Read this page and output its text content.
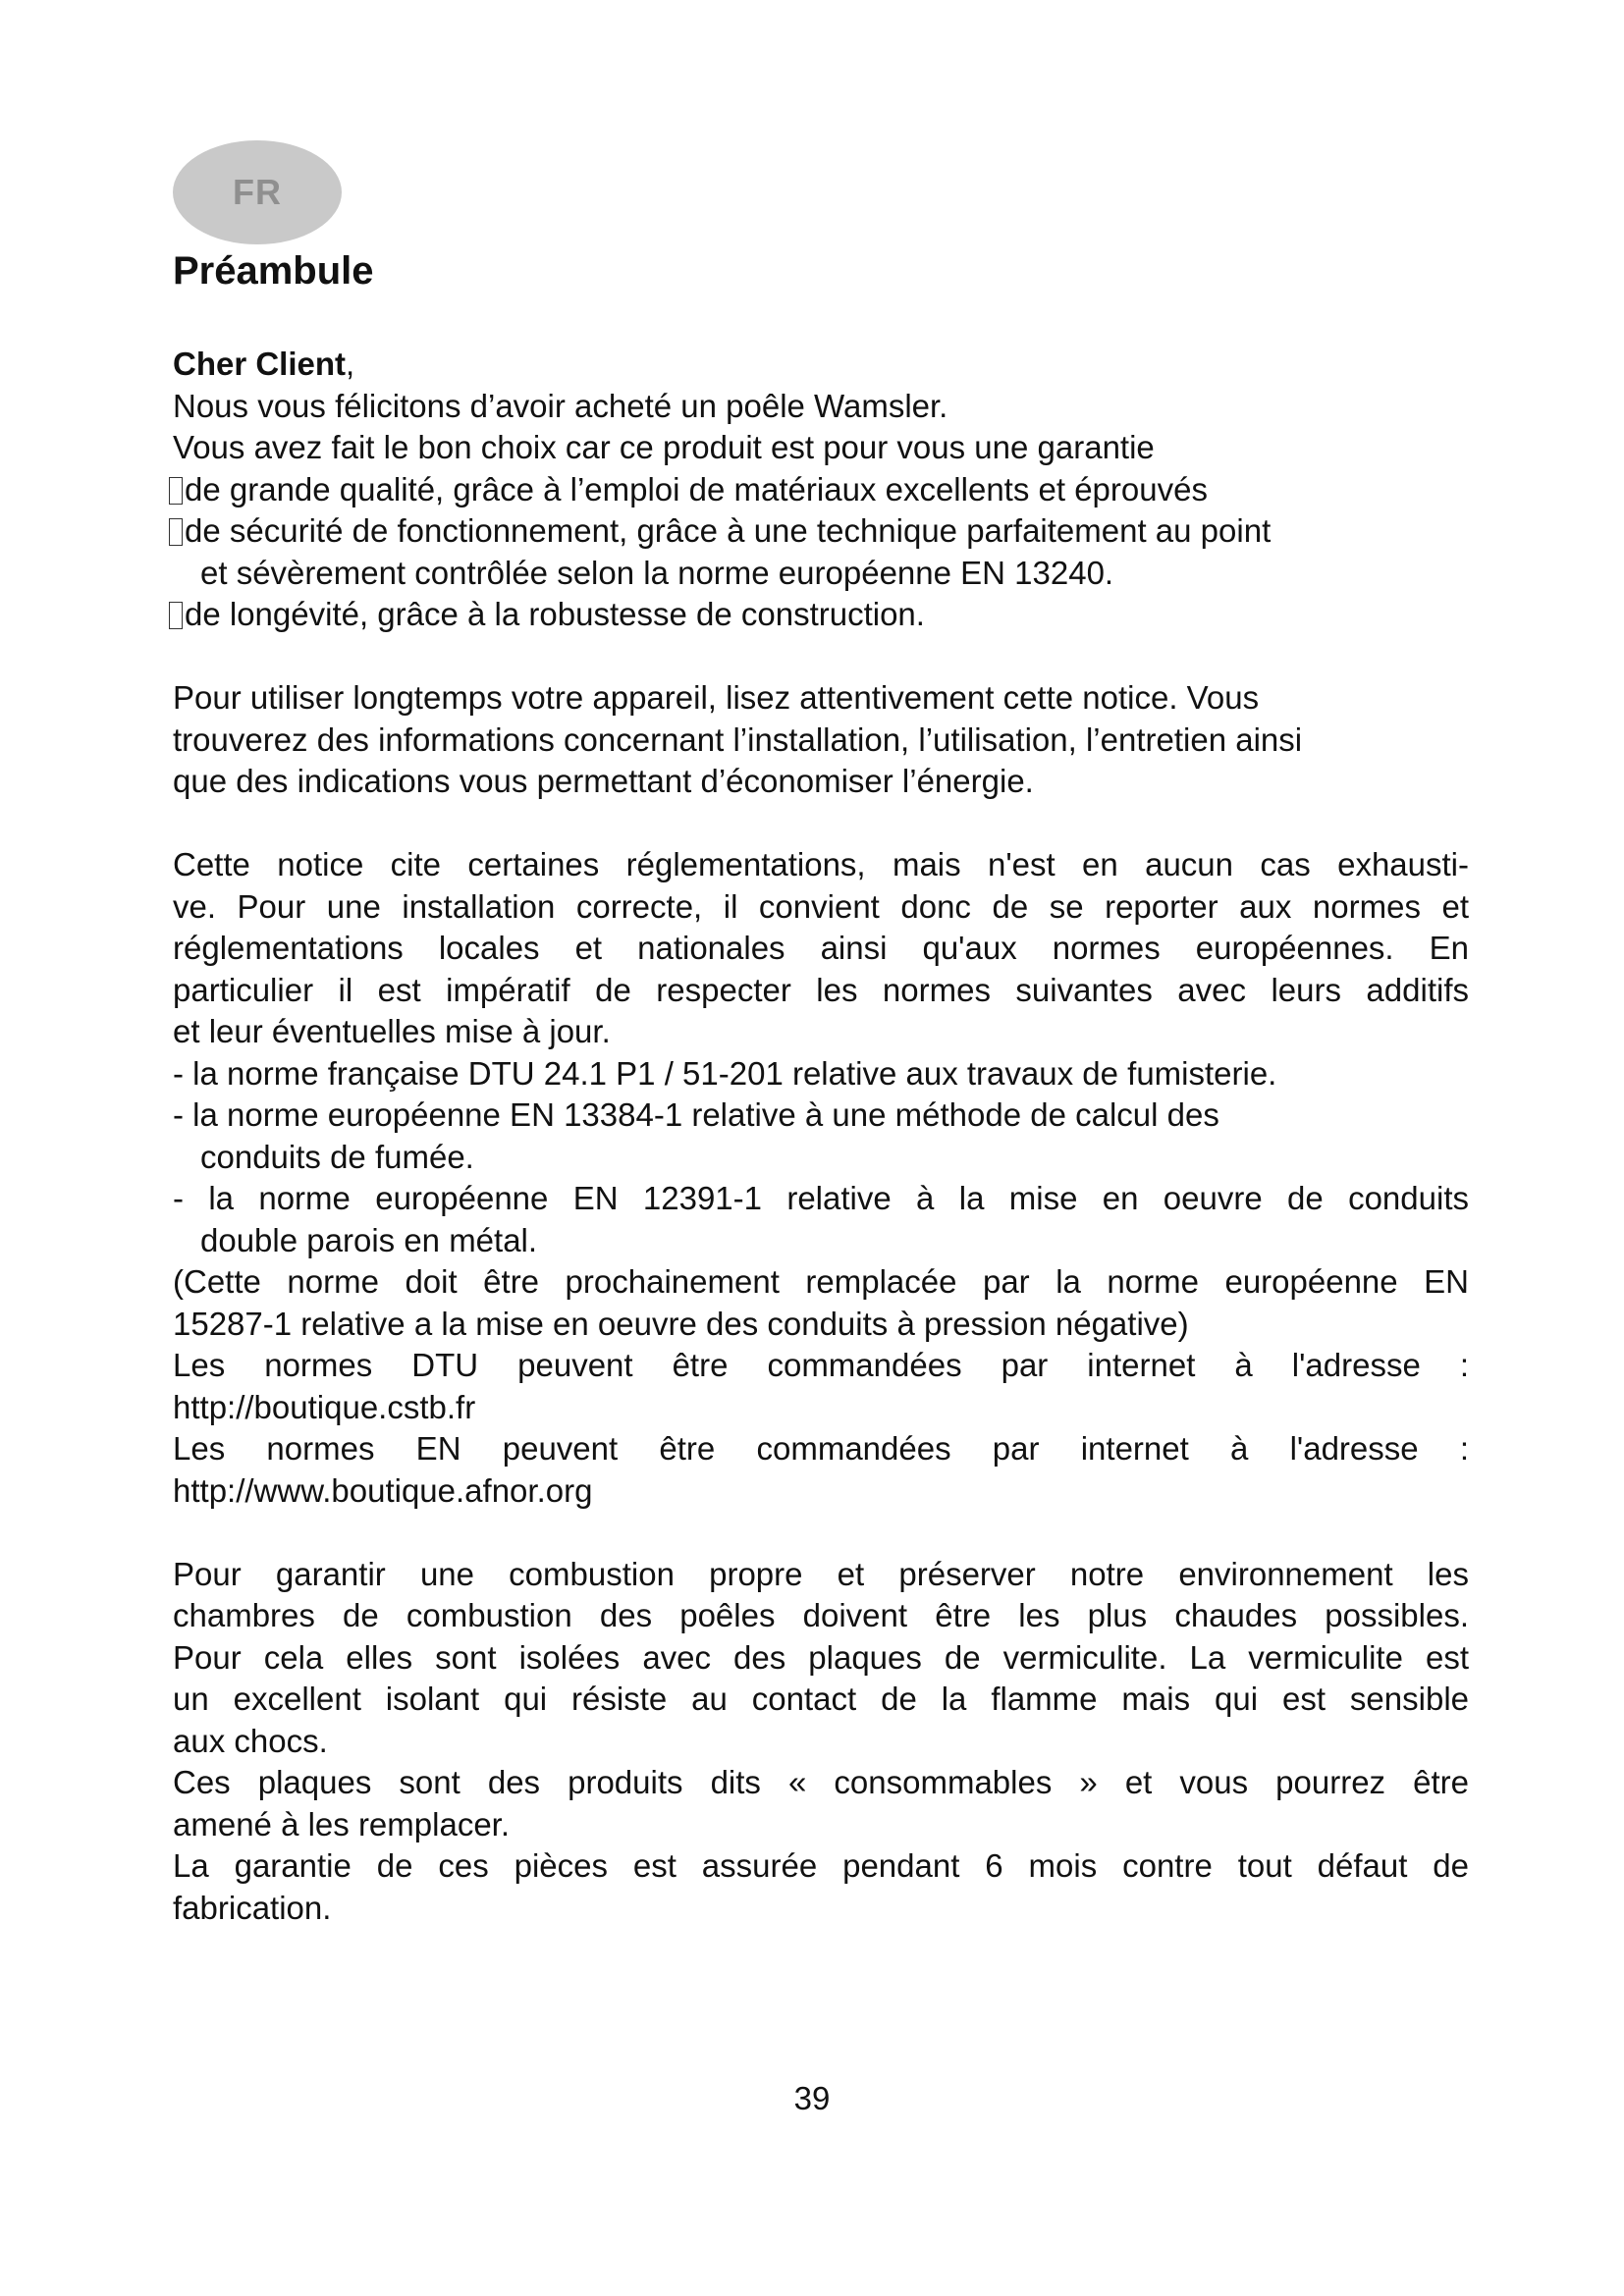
FR
Préambule
Cher Client,
Nous vous félicitons d’avoir acheté un poêle Wamsler.
Vous avez fait le bon choix car ce produit est pour vous une garantie
de grande qualité, grâce à l’emploi de matériaux excellents et éprouvés
de sécurité de fonctionnement, grâce à une technique parfaitement au point
et sévèrement contrôlée selon la norme européenne EN 13240.
de longévité, grâce à la robustesse de construction.
Pour utiliser longtemps votre appareil, lisez attentivement cette notice. Vous
trouverez des informations concernant l’installation, l’utilisation, l’entretien ainsi
que des indications vous permettant d’économiser l’énergie.
Cette notice cite certaines réglementations, mais n'est en aucun cas exhausti-
ve. Pour une installation correcte, il convient donc de se reporter aux normes et
réglementations locales et nationales ainsi qu'aux normes européennes. En
particulier il est impératif de respecter les normes suivantes avec leurs additifs
et leur éventuelles mise à jour.
- la norme française DTU 24.1 P1 / 51-201 relative aux travaux de fumisterie.
- la norme européenne EN 13384-1 relative à une méthode de calcul des
conduits de fumée.
- la norme européenne EN 12391-1 relative à la mise en oeuvre de conduits
double parois en métal.
(Cette norme doit être prochainement remplacée par la norme européenne EN
15287-1 relative a la mise en oeuvre des conduits à pression négative)
Les normes DTU peuvent être commandées par internet à l'adresse :
http://boutique.cstb.fr
Les normes EN peuvent être commandées par internet à l'adresse :
http://www.boutique.afnor.org
Pour garantir une combustion propre et préserver notre environnement les
chambres de combustion des poêles doivent être les plus chaudes possibles.
Pour cela elles sont isolées avec des plaques de vermiculite. La vermiculite est
un excellent isolant qui résiste au contact de la flamme mais qui est sensible
aux chocs.
Ces plaques sont des produits dits « consommables » et vous pourrez être
amené à les remplacer.
La garantie de ces pièces est assurée pendant 6 mois contre tout défaut de
fabrication.
39
